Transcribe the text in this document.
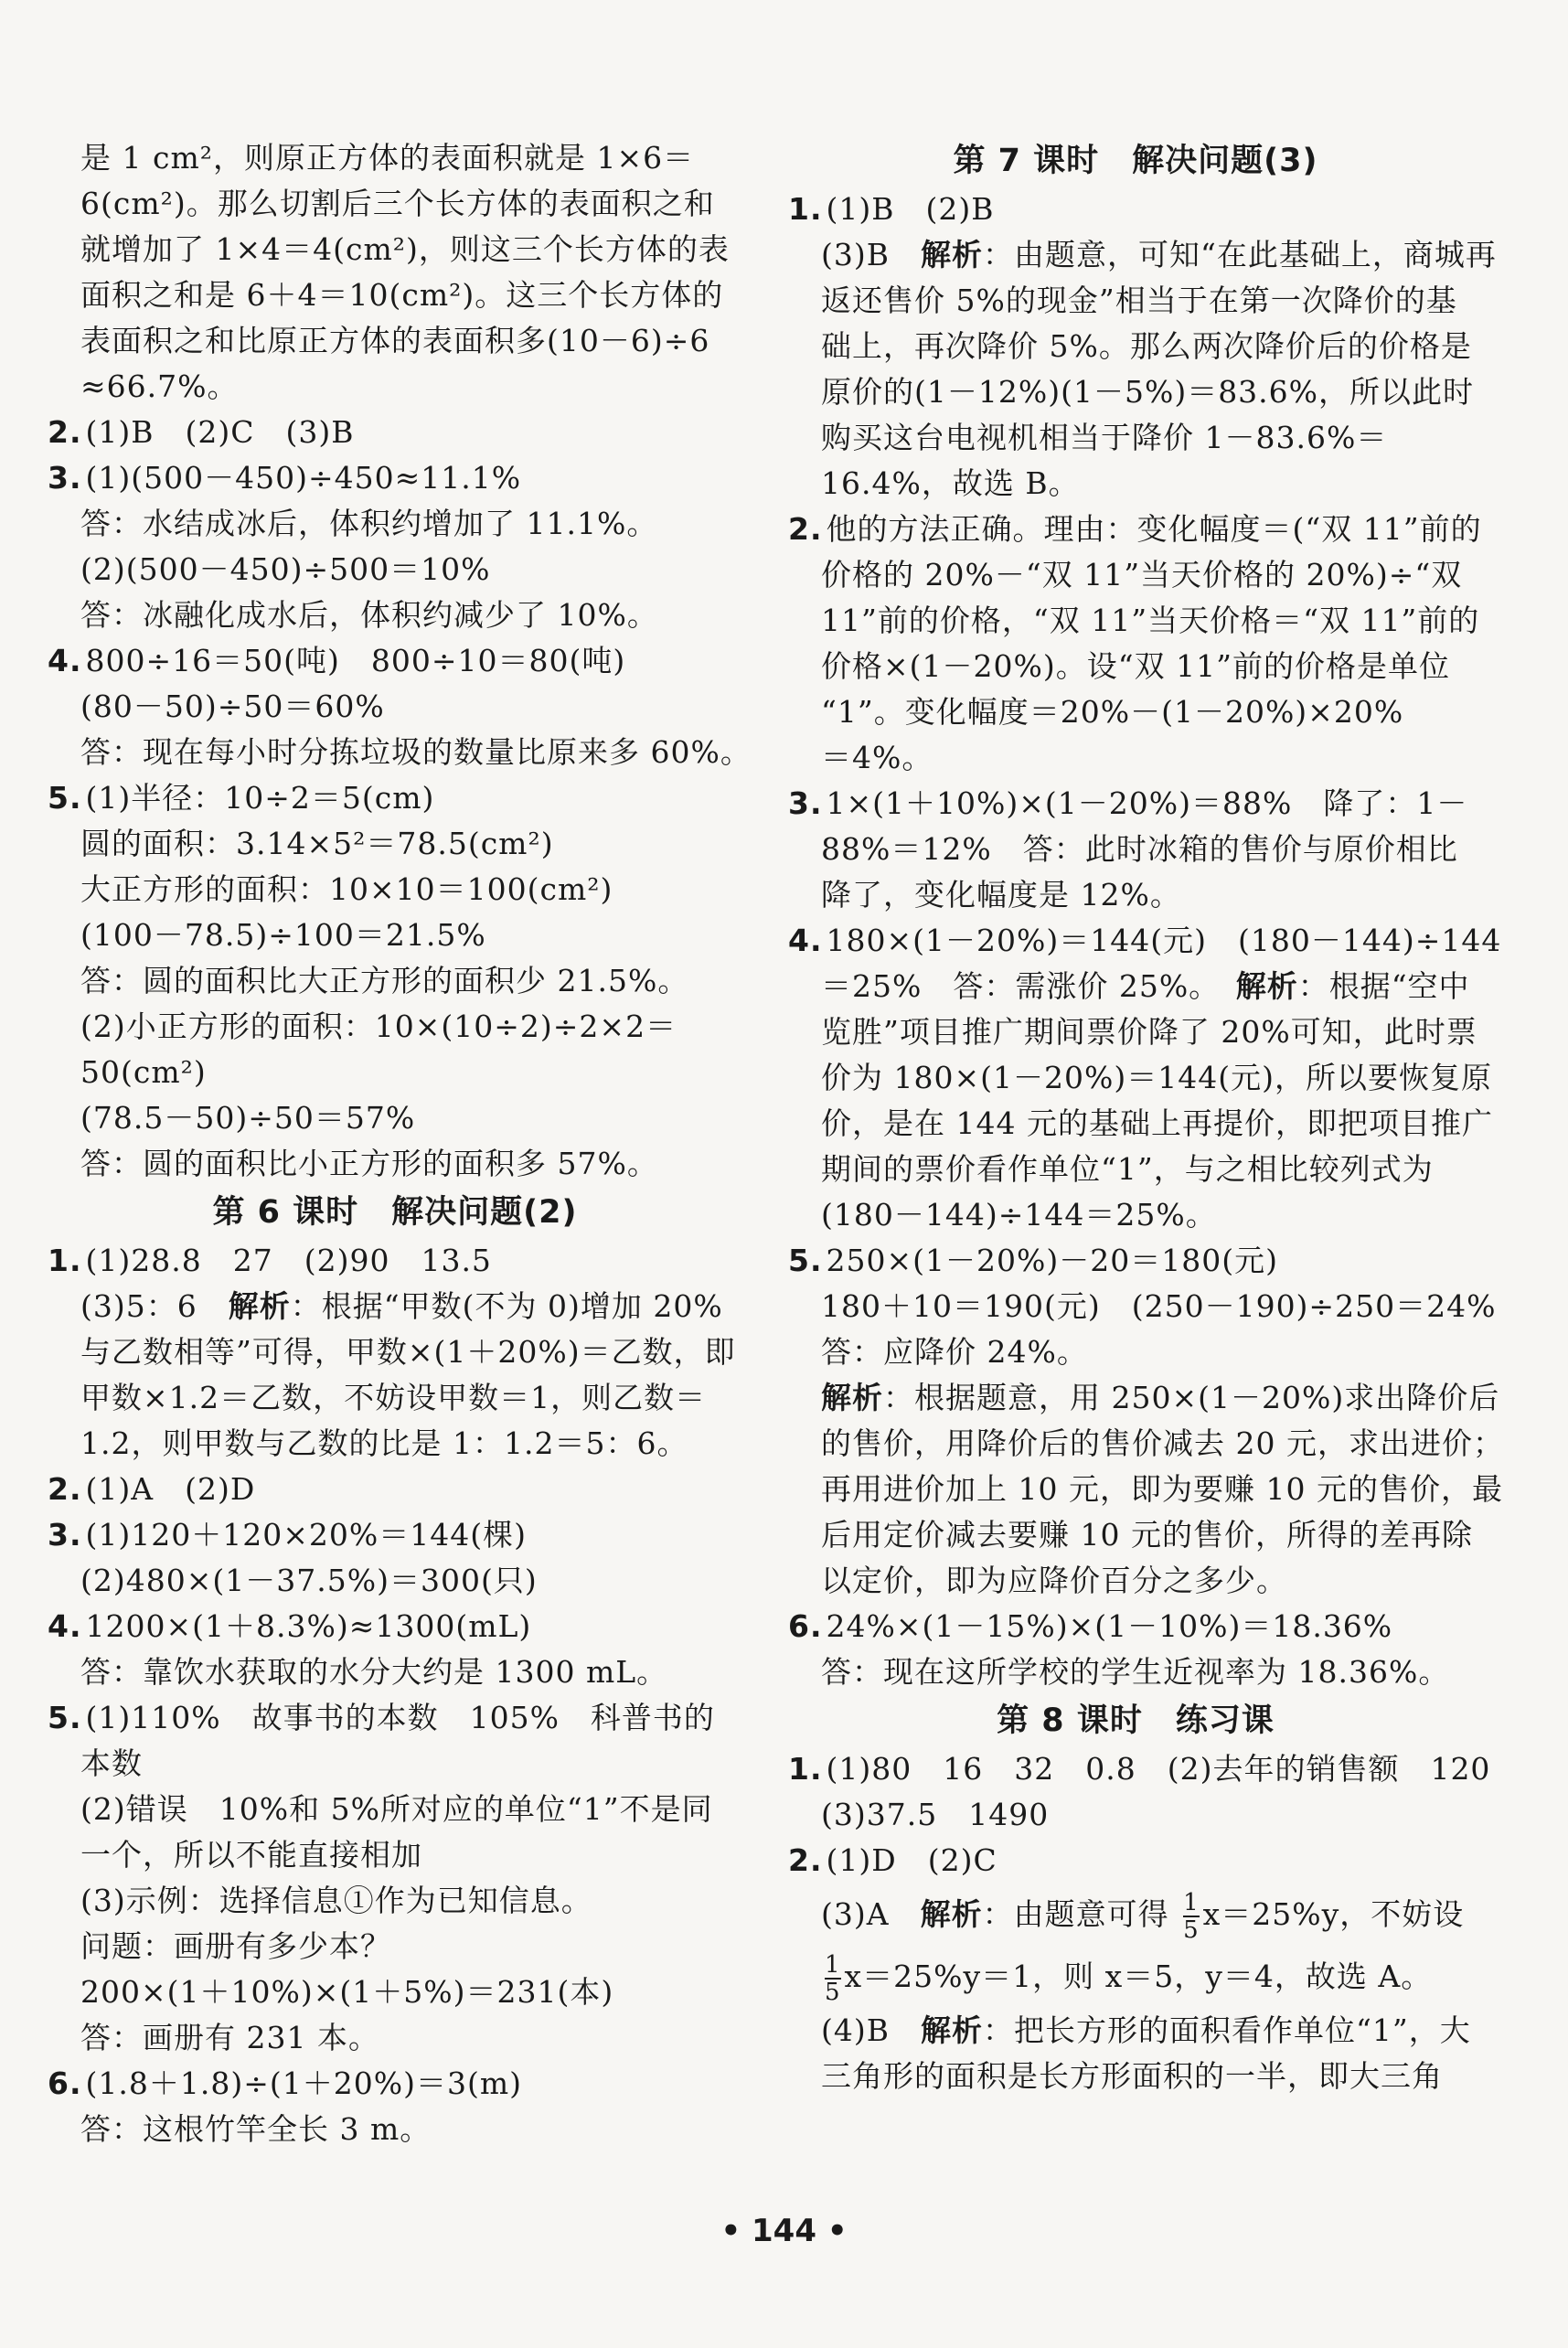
是 1 cm²，则原正方体的表面积就是 1×6＝
6(cm²)。那么切割后三个长方体的表面积之和
就增加了 1×4＝4(cm²)，则这三个长方体的表
面积之和是 6＋4＝10(cm²)。这三个长方体的
表面积之和比原正方体的表面积多(10－6)÷6
≈66.7%。
2. (1)B　(2)C　(3)B
3. (1)(500－450)÷450≈11.1%
答：水结成冰后，体积约增加了 11.1%。
(2)(500－450)÷500＝10%
答：冰融化成水后，体积约减少了 10%。
4. 800÷16＝50(吨)　800÷10＝80(吨)
(80－50)÷50＝60%
答：现在每小时分拣垃圾的数量比原来多 60%。
5. (1)半径：10÷2＝5(cm)
圆的面积：3.14×5²＝78.5(cm²)
大正方形的面积：10×10＝100(cm²)
(100－78.5)÷100＝21.5%
答：圆的面积比大正方形的面积少 21.5%。
(2)小正方形的面积：10×(10÷2)÷2×2＝
50(cm²)
(78.5－50)÷50＝57%
答：圆的面积比小正方形的面积多 57%。
第 6 课时　解决问题(2)
1. (1)28.8　27　(2)90　13.5
(3)5：6　解析：根据“甲数(不为 0)增加 20%
与乙数相等”可得，甲数×(1＋20%)＝乙数，即
甲数×1.2＝乙数，不妨设甲数＝1，则乙数＝
1.2，则甲数与乙数的比是 1：1.2＝5：6。
2. (1)A　(2)D
3. (1)120＋120×20%＝144(棵)
(2)480×(1－37.5%)＝300(只)
4. 1200×(1＋8.3%)≈1300(mL)
答：靠饮水获取的水分大约是 1300 mL。
5. (1)110%　故事书的本数　105%　科普书的
本数
(2)错误　10%和 5%所对应的单位“1”不是同
一个，所以不能直接相加
(3)示例：选择信息①作为已知信息。
问题：画册有多少本？
200×(1＋10%)×(1＋5%)＝231(本)
答：画册有 231 本。
6. (1.8＋1.8)÷(1＋20%)＝3(m)
答：这根竹竿全长 3 m。
第 7 课时　解决问题(3)
1. (1)B　(2)B
(3)B　解析：由题意，可知“在此基础上，商城再
返还售价 5%的现金”相当于在第一次降价的基
础上，再次降价 5%。那么两次降价后的价格是
原价的(1－12%)(1－5%)＝83.6%，所以此时
购买这台电视机相当于降价 1－83.6%＝
16.4%，故选 B。
2. 他的方法正确。理由：变化幅度＝(“双 11”前的
价格的 20%－“双 11”当天价格的 20%)÷“双
11”前的价格，“双 11”当天价格＝“双 11”前的
价格×(1－20%)。设“双 11”前的价格是单位
“1”。变化幅度＝20%－(1－20%)×20%
＝4%。
3. 1×(1＋10%)×(1－20%)＝88%　降了：1－
88%＝12%　答：此时冰箱的售价与原价相比
降了，变化幅度是 12%。
4. 180×(1－20%)＝144(元)　(180－144)÷144
＝25%　答：需涨价 25%。　解析：根据“空中
览胜”项目推广期间票价降了 20%可知，此时票
价为 180×(1－20%)＝144(元)，所以要恢复原
价，是在 144 元的基础上再提价，即把项目推广
期间的票价看作单位“1”，与之相比较列式为
(180－144)÷144＝25%。
5. 250×(1－20%)－20＝180(元)
180＋10＝190(元)　(250－190)÷250＝24%
答：应降价 24%。
解析：根据题意，用 250×(1－20%)求出降价后
的售价，用降价后的售价减去 20 元，求出进价；
再用进价加上 10 元，即为要赚 10 元的售价，最
后用定价减去要赚 10 元的售价，所得的差再除
以定价，即为应降价百分之多少。
6. 24%×(1－15%)×(1－10%)＝18.36%
答：现在这所学校的学生近视率为 18.36%。
第 8 课时　练习课
1. (1)80　16　32　0.8　(2)去年的销售额　120
(3)37.5　1490
2. (1)D　(2)C
(3)A　解析：由题意可得 $\frac{1}{5} x=25\%y$，不妨设
$\frac{1}{5} x=25\%y=1$，则 x＝5，y＝4，故选 A。
(4)B　解析：把长方形的面积看作单位“1”，大
三角形的面积是长方形面积的一半，即大三角
• 144 •
